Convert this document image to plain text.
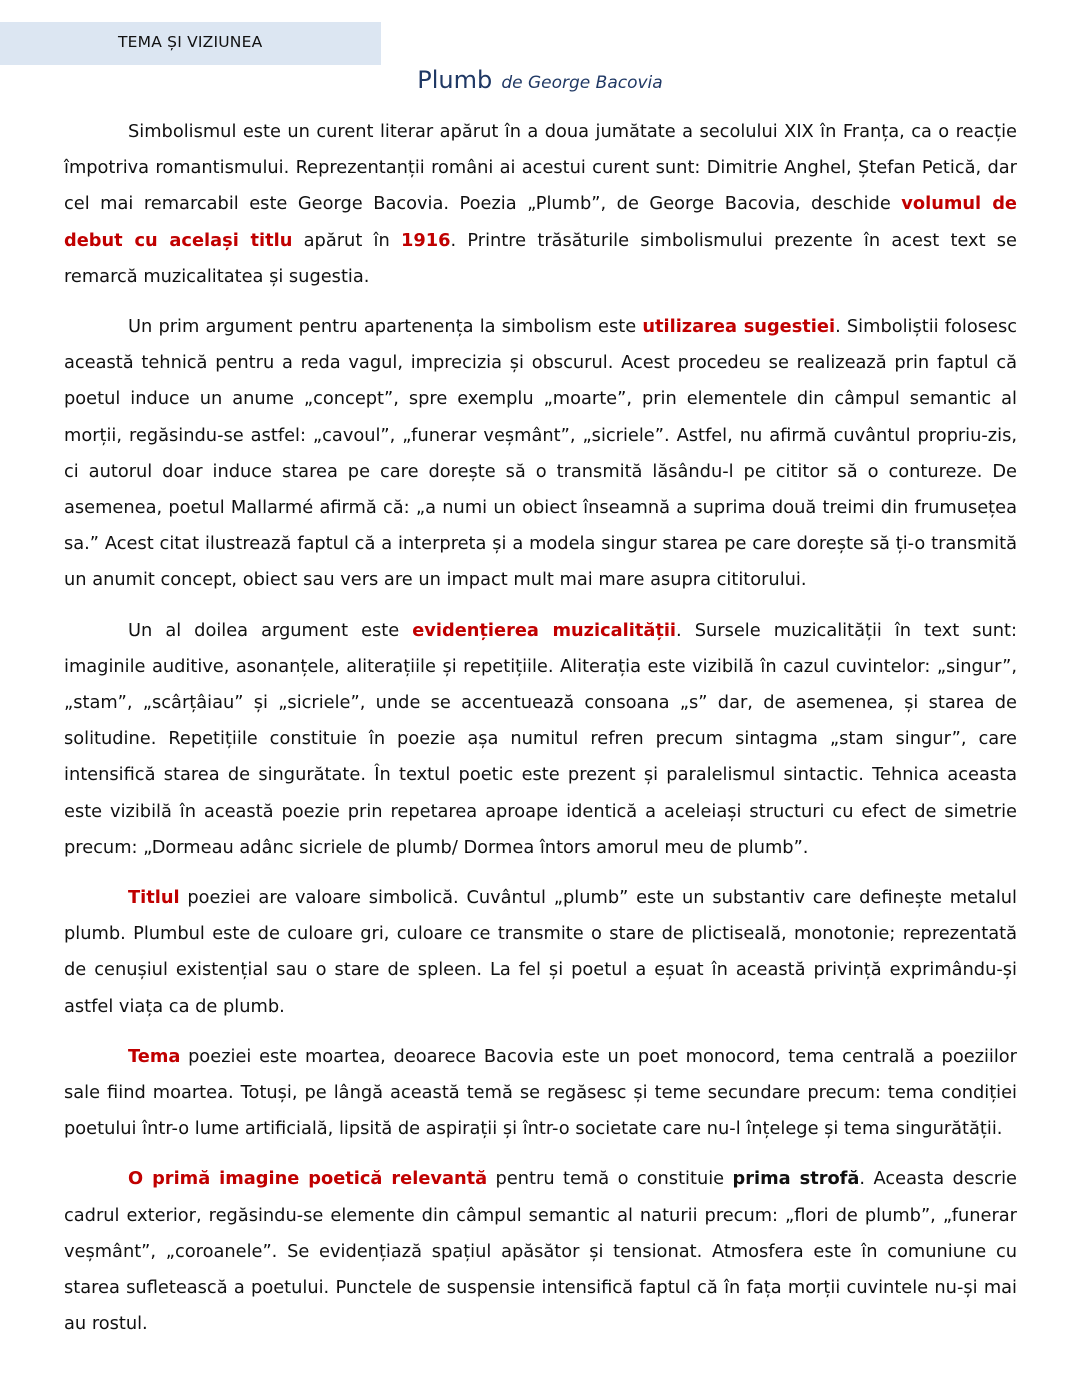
TEMA ȘI VIZIUNEA
Plumb de George Bacovia

Simbolismul este un curent literar apărut în a doua jumătate a secolului XIX în Franța, ca o reacție împotriva romantismului. Reprezentanții români ai acestui curent sunt: Dimitrie Anghel, Ștefan Petică, dar cel mai remarcabil este George Bacovia. Poezia „Plumb”, de George Bacovia, deschide volumul de debut cu același titlu apărut în 1916. Printre trăsăturile simbolismului prezente în acest text se remarcă muzicalitatea și sugestia.

Un prim argument pentru apartenența la simbolism este utilizarea sugestiei. Simboliștii folosesc această tehnică pentru a reda vagul, imprecizia și obscurul. Acest procedeu se realizează prin faptul că poetul induce un anume „concept”, spre exemplu „moarte”, prin elementele din câmpul semantic al morții, regăsindu-se astfel: „cavoul”, „funerar veșmânt”, „sicriele”. Astfel, nu afirmă cuvântul propriu-zis, ci autorul doar induce starea pe care dorește să o transmită lăsându-l pe cititor să o contureze. De asemenea, poetul Mallarmé afirmă că: „a numi un obiect înseamnă a suprima două treimi din frumusețea sa.” Acest citat ilustrează faptul că a interpreta și a modela singur starea pe care dorește să ți-o transmită un anumit concept, obiect sau vers are un impact mult mai mare asupra cititorului.

Un al doilea argument este evidențierea muzicalității. Sursele muzicalității în text sunt: imaginile auditive, asonanțele, aliterațiile și repetițiile. Aliterația este vizibilă în cazul cuvintelor: „singur”, „stam”, „scârțâiau” și „sicriele”, unde se accentuează consoana „s” dar, de asemenea, și starea de solitudine. Repetițiile constituie în poezie așa numitul refren precum sintagma „stam singur”, care intensifică starea de singurătate. În textul poetic este prezent și paralelismul sintactic. Tehnica aceasta este vizibilă în această poezie prin repetarea aproape identică a aceleiași structuri cu efect de simetrie precum: „Dormeau adânc sicriele de plumb/ Dormea întors amorul meu de plumb”.

Titlul poeziei are valoare simbolică. Cuvântul „plumb” este un substantiv care definește metalul plumb. Plumbul este de culoare gri, culoare ce transmite o stare de plictiseală, monotonie; reprezentată de cenușiul existențial sau o stare de spleen. La fel și poetul a eșuat în această privință exprimându-și astfel viața ca de plumb.

Tema poeziei este moartea, deoarece Bacovia este un poet monocord, tema centrală a poeziilor sale fiind moartea. Totuși, pe lângă această temă se regăsesc și teme secundare precum: tema condiției poetului într-o lume artificială, lipsită de aspirații și într-o societate care nu-l înțelege și tema singurătății.

O primă imagine poetică relevantă pentru temă o constituie prima strofă. Aceasta descrie cadrul exterior, regăsindu-se elemente din câmpul semantic al naturii precum: „flori de plumb”, „funerar veșmânt”, „coroanele”. Se evidențiază spațiul apăsător și tensionat. Atmosfera este în comuniune cu starea sufletească a poetului. Punctele de suspensie intensifică faptul că în fața morții cuvintele nu-și mai au rostul.
